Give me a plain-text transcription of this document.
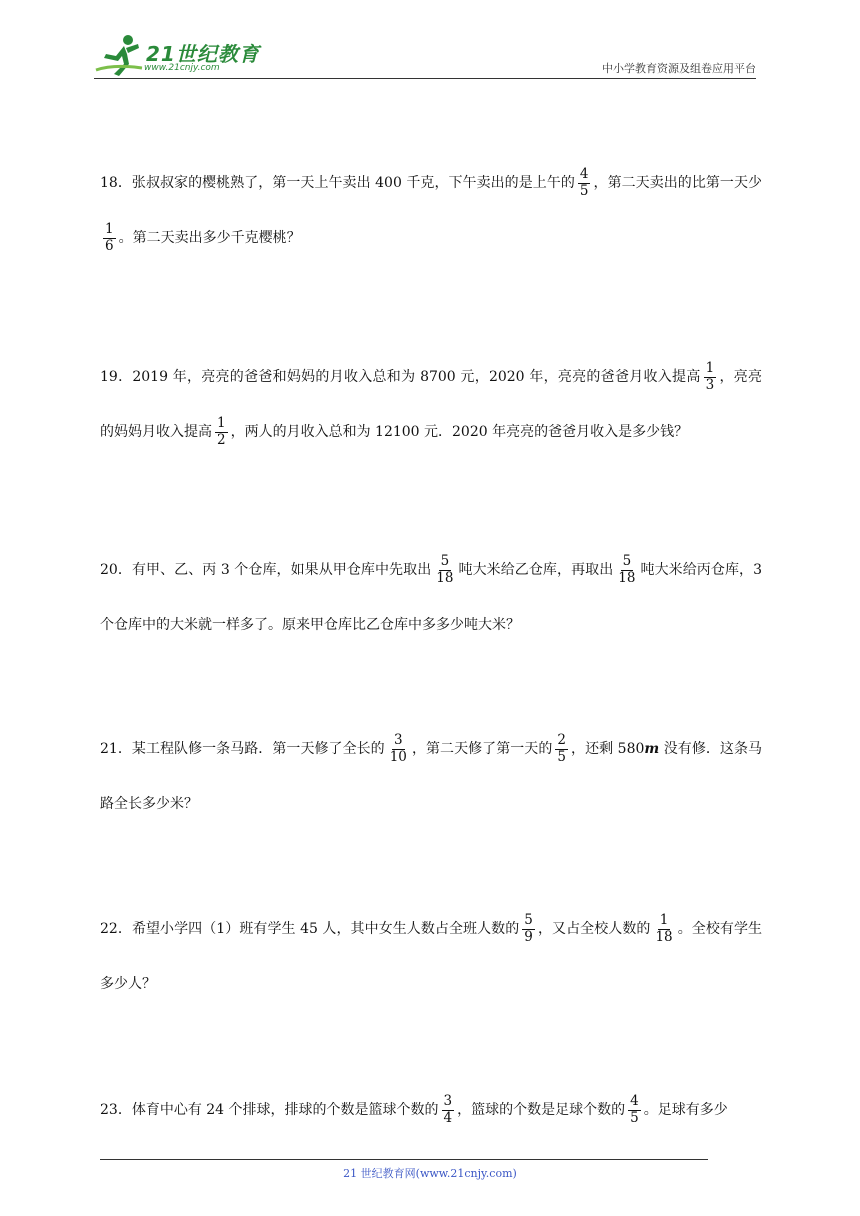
21世纪教育
www.21cnjy.com	中小学教育资源及组卷应用平台
18．张叔叔家的樱桃熟了，第一天上午卖出 400 千克，下午卖出的是上午的 $\frac{4}{5}$ ，第二天卖出的比第一天少
$\frac{1}{6}$ 。第二天卖出多少千克樱桃？
19．2019 年，亮亮的爸爸和妈妈的月收入总和为 8700 元，2020 年，亮亮的爸爸月收入提高 $\frac{1}{3}$ ，亮亮的妈妈月收入提高 $\frac{1}{2}$ ，两人的月收入总和为 12100 元．2020 年亮亮的爸爸月收入是多少钱？
20．有甲、乙、丙 3 个仓库，如果从甲仓库中先取出 $\frac{5}{18}$ 吨大米给乙仓库，再取出 $\frac{5}{18}$ 吨大米给丙仓库，3 个仓库中的大米就一样多了。原来甲仓库比乙仓库中多多少吨大米？
21．某工程队修一条马路．第一天修了全长的 $\frac{3}{10}$ ，第二天修了第一天的 $\frac{2}{5}$ ，还剩 580m 没有修．这条马路全长多少米？
22．希望小学四（1）班有学生 45 人，其中女生人数占全班人数的 $\frac{5}{9}$ ，又占全校人数的 $\frac{1}{18}$ 。全校有学生多少人？
23．体育中心有 24 个排球，排球的个数是篮球个数的 $\frac{3}{4}$ ，篮球的个数是足球个数的 $\frac{4}{5}$ 。足球有多少
21 世纪教育网(www.21cnjy.com)
